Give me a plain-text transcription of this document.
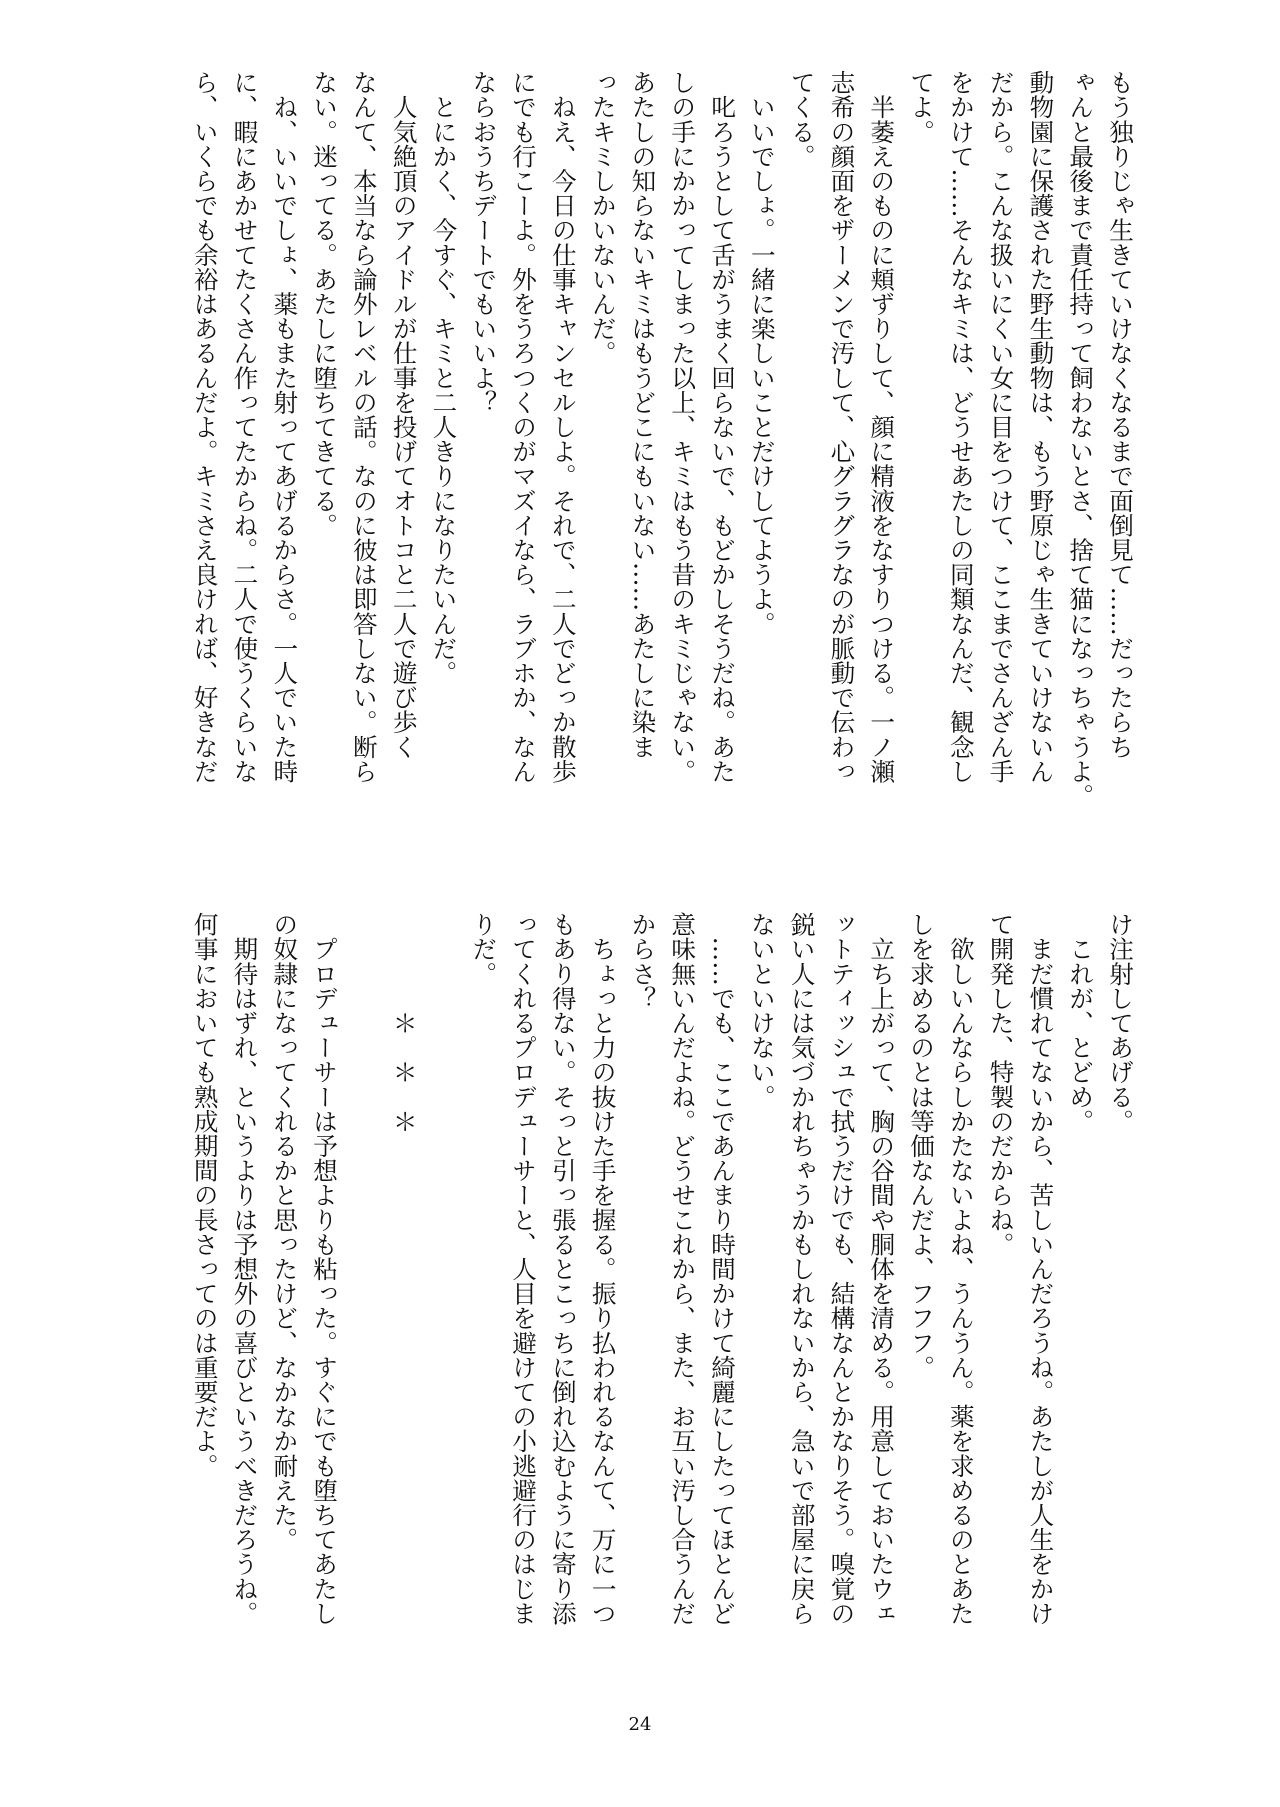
もう独りじゃ生きていけなくなるまで面倒見て……だったらち
ゃんと最後まで責任持って飼わないとさ、捨て猫になっちゃうよ。
動物園に保護された野生動物は、もう野原じゃ生きていけないん
だから。こんな扱いにくい女に目をつけて、ここまでさんざん手
をかけて……そんなキミは、どうせあたしの同類なんだ、観念し
てよ。
　半萎えのものに頬ずりして、顔に精液をなすりつける。一ノ瀬
志希の顔面をザーメンで汚して、心グラグラなのが脈動で伝わっ
てくる。
　いいでしょ。一緒に楽しいことだけしてようよ。
　叱ろうとして舌がうまく回らないで、もどかしそうだね。あた
しの手にかかってしまった以上、キミはもう昔のキミじゃない。
あたしの知らないキミはもうどこにもいない……あたしに染ま
ったキミしかいないんだ。
　ねえ、今日の仕事キャンセルしよ。それで、二人でどっか散歩
にでも行こーよ。外をうろつくのがマズイなら、ラブホか、なん
ならおうちデートでもいいよ？
　とにかく、今すぐ、キミと二人きりになりたいんだ。
　人気絶頂のアイドルが仕事を投げてオトコと二人で遊び歩く
なんて、本当なら論外レベルの話。なのに彼は即答しない。断ら
ない。迷ってる。あたしに堕ちてきてる。
　ね、いいでしょ、薬もまた射ってあげるからさ。一人でいた時
に、暇にあかせてたくさん作ってたからね。二人で使うくらいな
ら、いくらでも余裕はあるんだよ。キミさえ良ければ、好きなだ
け注射してあげる。
　これが、とどめ。
　まだ慣れてないから、苦しいんだろうね。あたしが人生をかけ
て開発した、特製のだからね。
　欲しいんならしかたないよね、うんうん。薬を求めるのとあた
しを求めるのとは等価なんだよ、フフフ。
　立ち上がって、胸の谷間や胴体を清める。用意しておいたウェ
ットティッシュで拭うだけでも、結構なんとかなりそう。嗅覚の
鋭い人には気づかれちゃうかもしれないから、急いで部屋に戻ら
ないといけない。
　……でも、ここであんまり時間かけて綺麗にしたってほとんど
意味無いんだよね。どうせこれから、また、お互い汚し合うんだ
からさ？
　ちょっと力の抜けた手を握る。振り払われるなんて、万に一つ
もあり得ない。そっと引っ張るとこっちに倒れ込むように寄り添
ってくれるプロデューサーと、人目を避けての小逃避行のはじま
りだ。
　　　　＊　＊　＊
　プロデューサーは予想よりも粘った。すぐにでも堕ちてあたし
の奴隷になってくれるかと思ったけど、なかなか耐えた。
　期待はずれ、というよりは予想外の喜びというべきだろうね。
何事においても熟成期間の長さってのは重要だよ。
24
